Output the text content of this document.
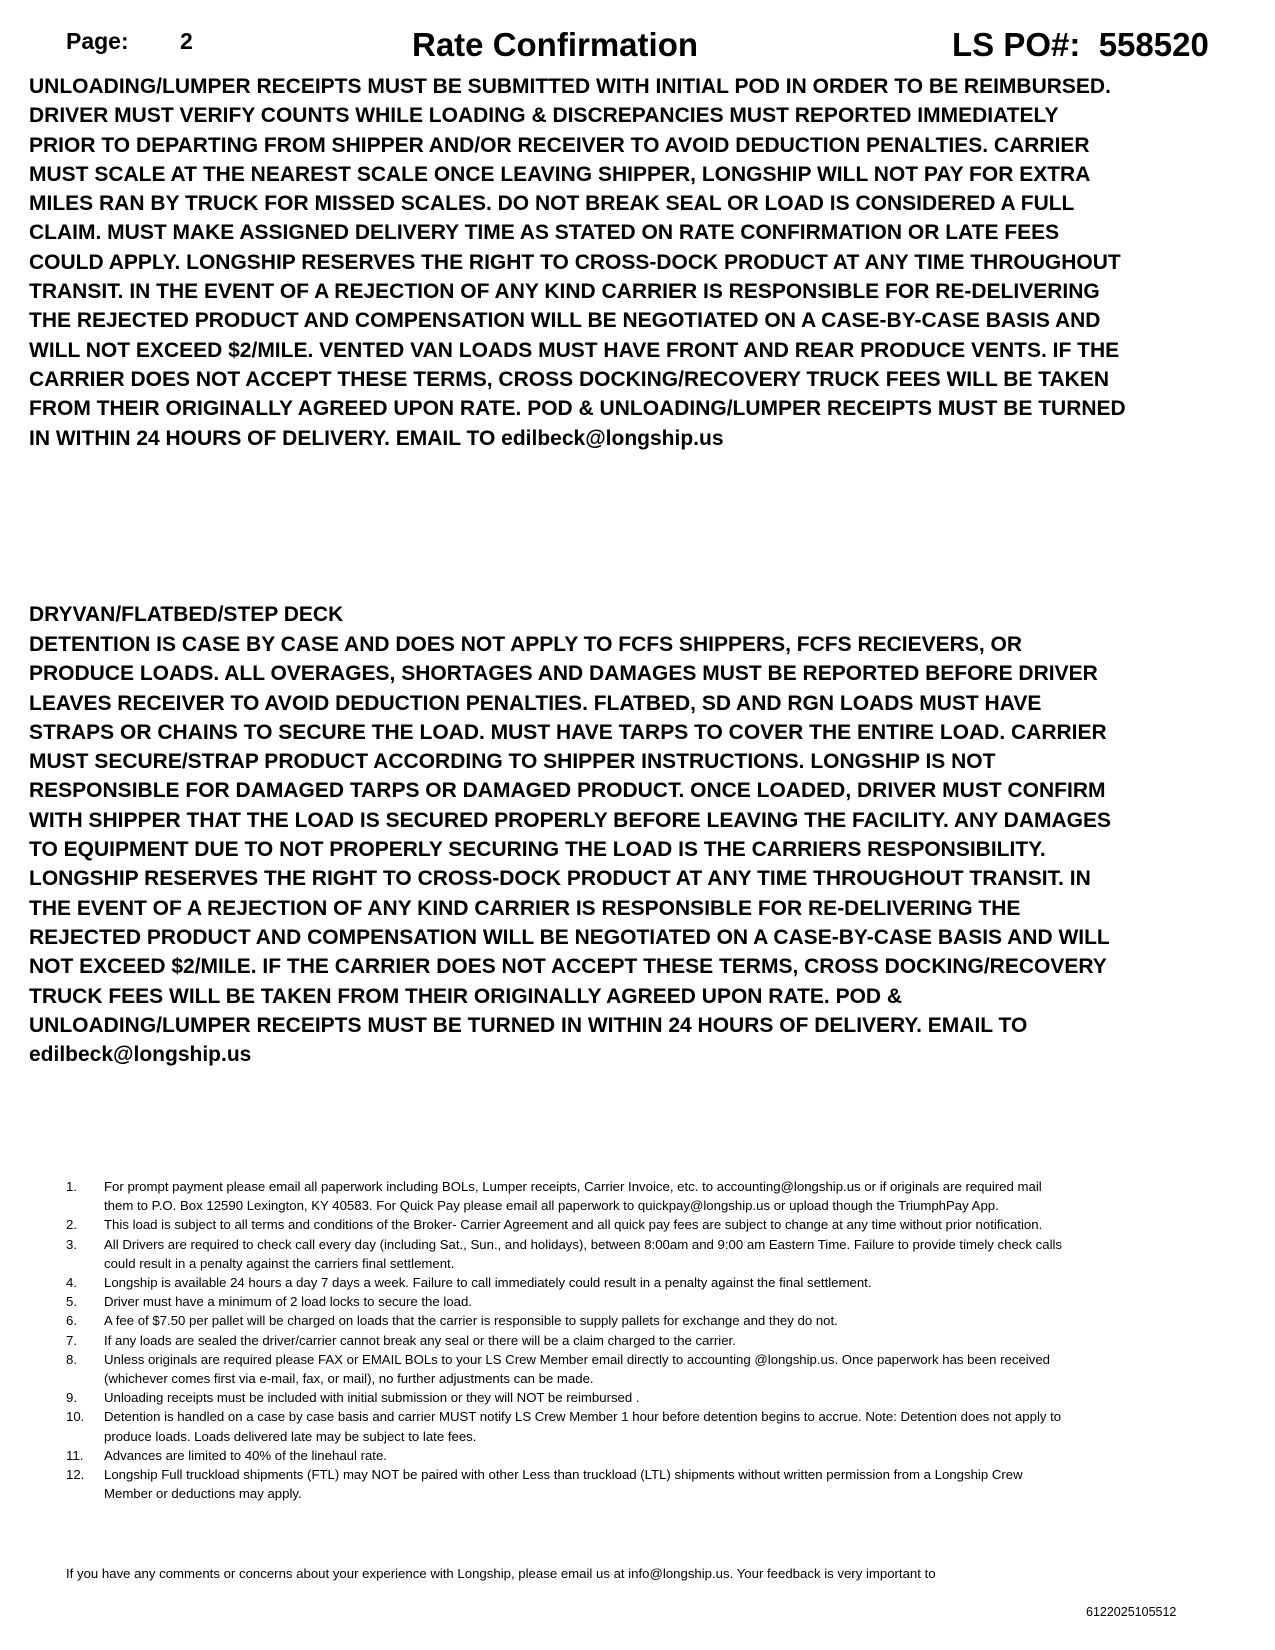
Page: 2	Rate Confirmation	LS PO#:  558520

UNLOADING/LUMPER RECEIPTS MUST BE SUBMITTED WITH INITIAL POD IN ORDER TO BE REIMBURSED. DRIVER MUST VERIFY COUNTS WHILE LOADING & DISCREPANCIES MUST REPORTED IMMEDIATELY PRIOR TO DEPARTING FROM SHIPPER AND/OR RECEIVER TO AVOID DEDUCTION PENALTIES. CARRIER MUST SCALE AT THE NEAREST SCALE ONCE LEAVING SHIPPER, LONGSHIP WILL NOT PAY FOR EXTRA MILES RAN BY TRUCK FOR MISSED SCALES. DO NOT BREAK SEAL OR LOAD IS CONSIDERED A FULL CLAIM. MUST MAKE ASSIGNED DELIVERY TIME AS STATED ON RATE CONFIRMATION OR LATE FEES COULD APPLY. LONGSHIP RESERVES THE RIGHT TO CROSS-DOCK PRODUCT AT ANY TIME THROUGHOUT TRANSIT. IN THE EVENT OF A REJECTION OF ANY KIND CARRIER IS RESPONSIBLE FOR RE-DELIVERING THE REJECTED PRODUCT AND COMPENSATION WILL BE NEGOTIATED ON A CASE-BY-CASE BASIS AND WILL NOT EXCEED $2/MILE. VENTED VAN LOADS MUST HAVE FRONT AND REAR PRODUCE VENTS. IF THE CARRIER DOES NOT ACCEPT THESE TERMS, CROSS DOCKING/RECOVERY TRUCK FEES WILL BE TAKEN FROM THEIR ORIGINALLY AGREED UPON RATE. POD & UNLOADING/LUMPER RECEIPTS MUST BE TURNED IN WITHIN 24 HOURS OF DELIVERY. EMAIL TO edilbeck@longship.us

DRYVAN/FLATBED/STEP DECK

DETENTION IS CASE BY CASE AND DOES NOT APPLY TO FCFS SHIPPERS, FCFS RECIEVERS, OR PRODUCE LOADS. ALL OVERAGES, SHORTAGES AND DAMAGES MUST BE REPORTED BEFORE DRIVER LEAVES RECEIVER TO AVOID DEDUCTION PENALTIES. FLATBED, SD AND RGN LOADS MUST HAVE STRAPS OR CHAINS TO SECURE THE LOAD. MUST HAVE TARPS TO COVER THE ENTIRE LOAD. CARRIER MUST SECURE/STRAP PRODUCT ACCORDING TO SHIPPER INSTRUCTIONS. LONGSHIP IS NOT RESPONSIBLE FOR DAMAGED TARPS OR DAMAGED PRODUCT. ONCE LOADED, DRIVER MUST CONFIRM WITH SHIPPER THAT THE LOAD IS SECURED PROPERLY BEFORE LEAVING THE FACILITY. ANY DAMAGES TO EQUIPMENT DUE TO NOT PROPERLY SECURING THE LOAD IS THE CARRIERS RESPONSIBILITY. LONGSHIP RESERVES THE RIGHT TO CROSS-DOCK PRODUCT AT ANY TIME THROUGHOUT TRANSIT. IN THE EVENT OF A REJECTION OF ANY KIND CARRIER IS RESPONSIBLE FOR RE-DELIVERING THE REJECTED PRODUCT AND COMPENSATION WILL BE NEGOTIATED ON A CASE-BY-CASE BASIS AND WILL NOT EXCEED $2/MILE. IF THE CARRIER DOES NOT ACCEPT THESE TERMS, CROSS DOCKING/RECOVERY TRUCK FEES WILL BE TAKEN FROM THEIR ORIGINALLY AGREED UPON RATE. POD & UNLOADING/LUMPER RECEIPTS MUST BE TURNED IN WITHIN 24 HOURS OF DELIVERY. EMAIL TO edilbeck@longship.us

1. For prompt payment please email all paperwork including BOLs, Lumper receipts, Carrier Invoice, etc. to accounting@longship.us or if originals are required mail them to P.O. Box 12590 Lexington, KY 40583. For Quick Pay please email all paperwork to quickpay@longship.us or upload though the TriumphPay App.
2. This load is subject to all terms and conditions of the Broker- Carrier Agreement and all quick pay fees are subject to change at any time without prior notification.
3. All Drivers are required to check call every day (including Sat., Sun., and holidays), between 8:00am and 9:00 am Eastern Time. Failure to provide timely check calls could result in a penalty against the carriers final settlement.
4. Longship is available 24 hours a day 7 days a week. Failure to call immediately could result in a penalty against the final settlement.
5. Driver must have a minimum of 2 load locks to secure the load.
6. A fee of $7.50 per pallet will be charged on loads that the carrier is responsible to supply pallets for exchange and they do not.
7. If any loads are sealed the driver/carrier cannot break any seal or there will be a claim charged to the carrier.
8. Unless originals are required please FAX or EMAIL BOLs to your LS Crew Member email directly to accounting @longship.us. Once paperwork has been received (whichever comes first via e-mail, fax, or mail), no further adjustments can be made.
9. Unloading receipts must be included with initial submission or they will NOT be reimbursed .
10. Detention is handled on a case by case basis and carrier MUST notify LS Crew Member 1 hour before detention begins to accrue. Note: Detention does not apply to produce loads. Loads delivered late may be subject to late fees.
11. Advances are limited to 40% of the linehaul rate.
12. Longship Full truckload shipments (FTL) may NOT be paired with other Less than truckload (LTL) shipments without written permission from a Longship Crew Member or deductions may apply.
If you have any comments or concerns about your experience with Longship, please email us at info@longship.us. Your feedback is very important to
6122025105512
